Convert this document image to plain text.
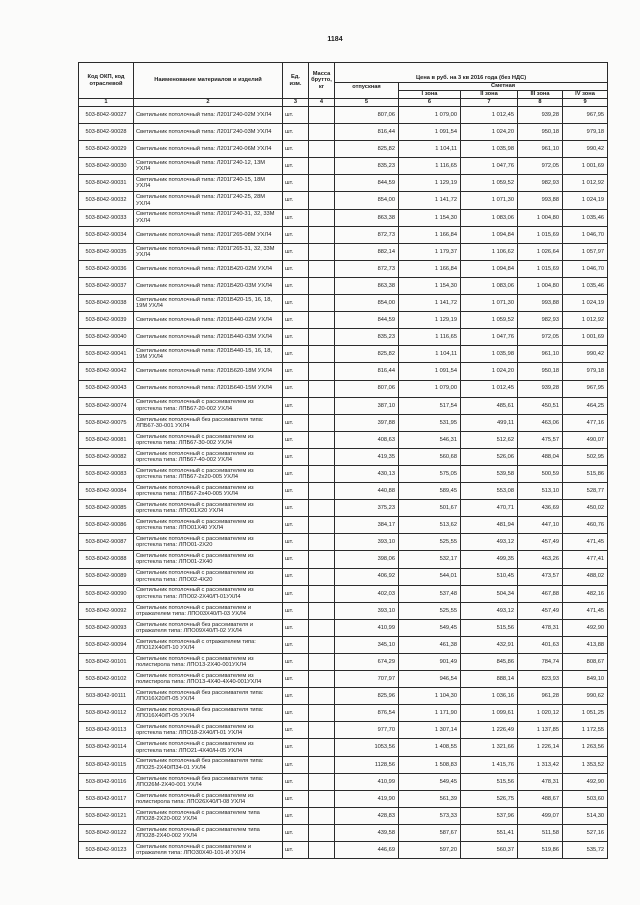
1184
Код ОКП, код отраслевой	Наименование материалов и изделий	Ед. изм.	Масса брутто, кг	Цена в руб. на 3 кв 2016 года (без НДС)				
				отпускная	Сметная			
					I зона	II зона	III зона	IV зона
1	2	3	4	5	6	7	8	9
503-8042-90027	Светильник потолочный типа: Л201Г240-02М УХЛ4	шт.		807,06	1 079,00	1 012,45	939,28	967,95
503-8042-90028	Светильник потолочный типа: Л201Г240-03М УХЛ4	шт.		816,44	1 091,54	1 024,20	950,18	979,18
503-8042-90029	Светильник потолочный типа: Л201Г240-06М УХЛ4	шт.		825,82	1 104,11	1 035,98	961,10	990,42
503-8042-90030	Светильник потолочный типа: Л201Г240-12, 13М УХЛ4	шт.		835,23	1 116,65	1 047,76	972,05	1 001,69
503-8042-90031	Светильник потолочный типа: Л201Г240-15, 18М УХЛ4	шт.		844,59	1 129,19	1 059,52	982,93	1 012,92
503-8042-90032	Светильник потолочный типа: Л201Г240-25, 28М УХЛ4	шт.		854,00	1 141,72	1 071,30	993,88	1 024,19
503-8042-90033	Светильник потолочный типа: Л201Г240-31, 32, 33М УХЛ4	шт.		863,38	1 154,30	1 083,06	1 004,80	1 035,46
503-8042-90034	Светильник потолочный типа: Л201Г265-08М УХЛ4	шт.		872,73	1 166,84	1 094,84	1 015,69	1 046,70
503-8042-90035	Светильник потолочный типа: Л201Г265-31, 32, 33М УХЛ4	шт.		882,14	1 179,37	1 106,62	1 026,64	1 057,97
503-8042-90036	Светильник потолочный типа: Л201Б420-02М УХЛ4	шт.		872,73	1 166,84	1 094,84	1 015,69	1 046,70
503-8042-90037	Светильник потолочный типа: Л201Б420-03М УХЛ4	шт.		863,38	1 154,30	1 083,06	1 004,80	1 035,46
503-8042-90038	Светильник потолочный типа: Л201Б420-15, 16, 18, 19М УХЛ4	шт.		854,00	1 141,72	1 071,30	993,88	1 024,19
503-8042-90039	Светильник потолочный типа: Л201Б440-02М УХЛ4	шт.		844,59	1 129,19	1 059,52	982,93	1 012,92
503-8042-90040	Светильник потолочный типа: Л201Б440-03М УХЛ4	шт.		835,23	1 116,65	1 047,76	972,05	1 001,69
503-8042-90041	Светильник потолочный типа: Л201Б440-15, 16, 18, 19М УХЛ4	шт.		825,82	1 104,11	1 035,98	961,10	990,42
503-8042-90042	Светильник потолочный типа: Л201Б620-18М УХЛ4	шт.		816,44	1 091,54	1 024,20	950,18	979,18
503-8042-90043	Светильник потолочный типа: Л201Б640-15М УХЛ4	шт.		807,06	1 079,00	1 012,45	939,28	967,95
503-8042-90074	Светильник потолочный с рассеивателем из оргстекла типа: ЛПБ67-20-002 УХЛ4	шт.		387,10	517,54	485,61	450,51	464,25
503-8042-90075	Светильник потолочный без рассеивателя типа: ЛПБ67-30-001 УХЛ4	шт.		397,88	531,95	499,11	463,06	477,16
503-8042-90081	Светильник потолочный с рассеивателем из оргстекла типа: ЛПБ67-30-002 УХЛ4	шт.		408,63	546,31	512,62	475,57	490,07
503-8042-90082	Светильник потолочный с рассеивателем из оргстекла типа: ЛПБ67-40-002 УХЛ4	шт.		419,35	560,68	526,06	488,04	502,95
503-8042-90083	Светильник потолочный с рассеивателем из оргстекла типа: ЛПБ67-2х20-005 УХЛ4	шт.		430,13	575,05	539,58	500,59	515,86
503-8042-90084	Светильник потолочный с рассеивателем из оргстекла типа: ЛПБ67-2х40-005 УХЛ4	шт.		440,88	589,45	553,08	513,10	528,77
503-8042-90085	Светильник потолочный с рассеивателем из оргстекла типа: ЛПО01Х20 УХЛ4	шт.		375,23	501,67	470,71	436,69	450,02
503-8042-90086	Светильник потолочный с рассеивателем из оргстекла типа: ЛПО01Х40 УХЛ4	шт.		384,17	513,62	481,94	447,10	460,76
503-8042-90087	Светильник потолочный с рассеивателем из оргстекла типа: ЛПО01-2Х20	шт.		393,10	525,55	493,12	457,49	471,45
503-8042-90088	Светильник потолочный с рассеивателем из оргстекла типа: ЛПО01-2Х40	шт.		398,06	532,17	499,35	463,26	477,41
503-8042-90089	Светильник потолочный с рассеивателем из оргстекла типа: ЛПО02-4Х20	шт.		406,92	544,01	510,45	473,57	488,02
503-8042-90090	Светильник потолочный с рассеивателем из оргстекла типа: ЛПО02-2Х40/П-01УХЛ4	шт.		402,03	537,48	504,34	467,88	482,16
503-8042-90092	Светильник потолочный с рассеивателем и отражателем типа: ЛПО03Х40/П-03 УХЛ4	шт.		393,10	525,55	493,12	457,49	471,45
503-8042-90093	Светильник потолочный без рассеивателя и отражателя типа: ЛПО09Х40/П-02 УХЛ4	шт.		410,99	549,45	515,56	478,31	492,90
503-8042-90094	Светильник потолочный с отражателем типа: ЛПО12Х40/П-10 УХЛ4	шт.		345,10	461,38	432,91	401,63	413,88
503-8042-90101	Светильник потолочный с рассеивателем из полистирола типа: ЛПО13-2Х40-001УХЛ4	шт.		674,29	901,49	845,86	784,74	808,67
503-8042-90102	Светильник потолочный с рассеивателем из полистирола типа: ЛПО13-4Х40-4Х40-001УХЛ4	шт.		707,97	946,54	888,14	823,93	849,10
503-8042-90111	Светильник потолочный без рассеивателя типа: ЛПО16Х20/П-05 УХЛ4	шт.		825,96	1 104,30	1 036,16	961,28	990,62
503-8042-90112	Светильник потолочный без рассеивателя типа: ЛПО16Х40/П-05 УХЛ4	шт.		876,54	1 171,90	1 099,61	1 020,12	1 051,25
503-8042-90113	Светильник потолочный с рассеивателем из оргстекла типа: ЛПО18-2Х40/П-01 УХЛ4	шт.		977,70	1 307,14	1 226,49	1 137,85	1 172,55
503-8042-90114	Светильник потолочный с рассеивателем из оргстекла типа: ЛПО21-4Х40/Н-05 УХЛ4	шт.		1053,56	1 408,55	1 321,66	1 226,14	1 263,56
503-8042-90115	Светильник потолочный без рассеивателя типа: ЛПО25-2Х40/П34-01 УХЛ4	шт.		1128,56	1 508,83	1 415,76	1 313,42	1 353,52
503-8042-90116	Светильник потолочный без рассеивателя типа: ЛПО26М-2Х40-001 УХЛ4	шт.		410,99	549,45	515,56	478,31	492,90
503-8042-90117	Светильник потолочный с рассеивателем из полистирола типа: ЛПО26Х40/П-08 УХЛ4	шт.		419,90	561,39	526,75	488,67	503,60
503-8042-90121	Светильник потолочный с рассеивателем типа ЛПО28-2Х20-002 УХЛ4	шт.		428,83	573,33	537,96	499,07	514,30
503-8042-90122	Светильник потолочный с рассеивателем типа ЛПО28-2Х40-002 УХЛ4	шт.		439,58	587,67	551,41	511,58	527,16
503-8042-90123	Светильник потолочный с рассеивателем и отражателя типа: ЛПО30Х40-101-И УХЛ4	шт.		446,69	597,20	560,37	519,86	535,72
